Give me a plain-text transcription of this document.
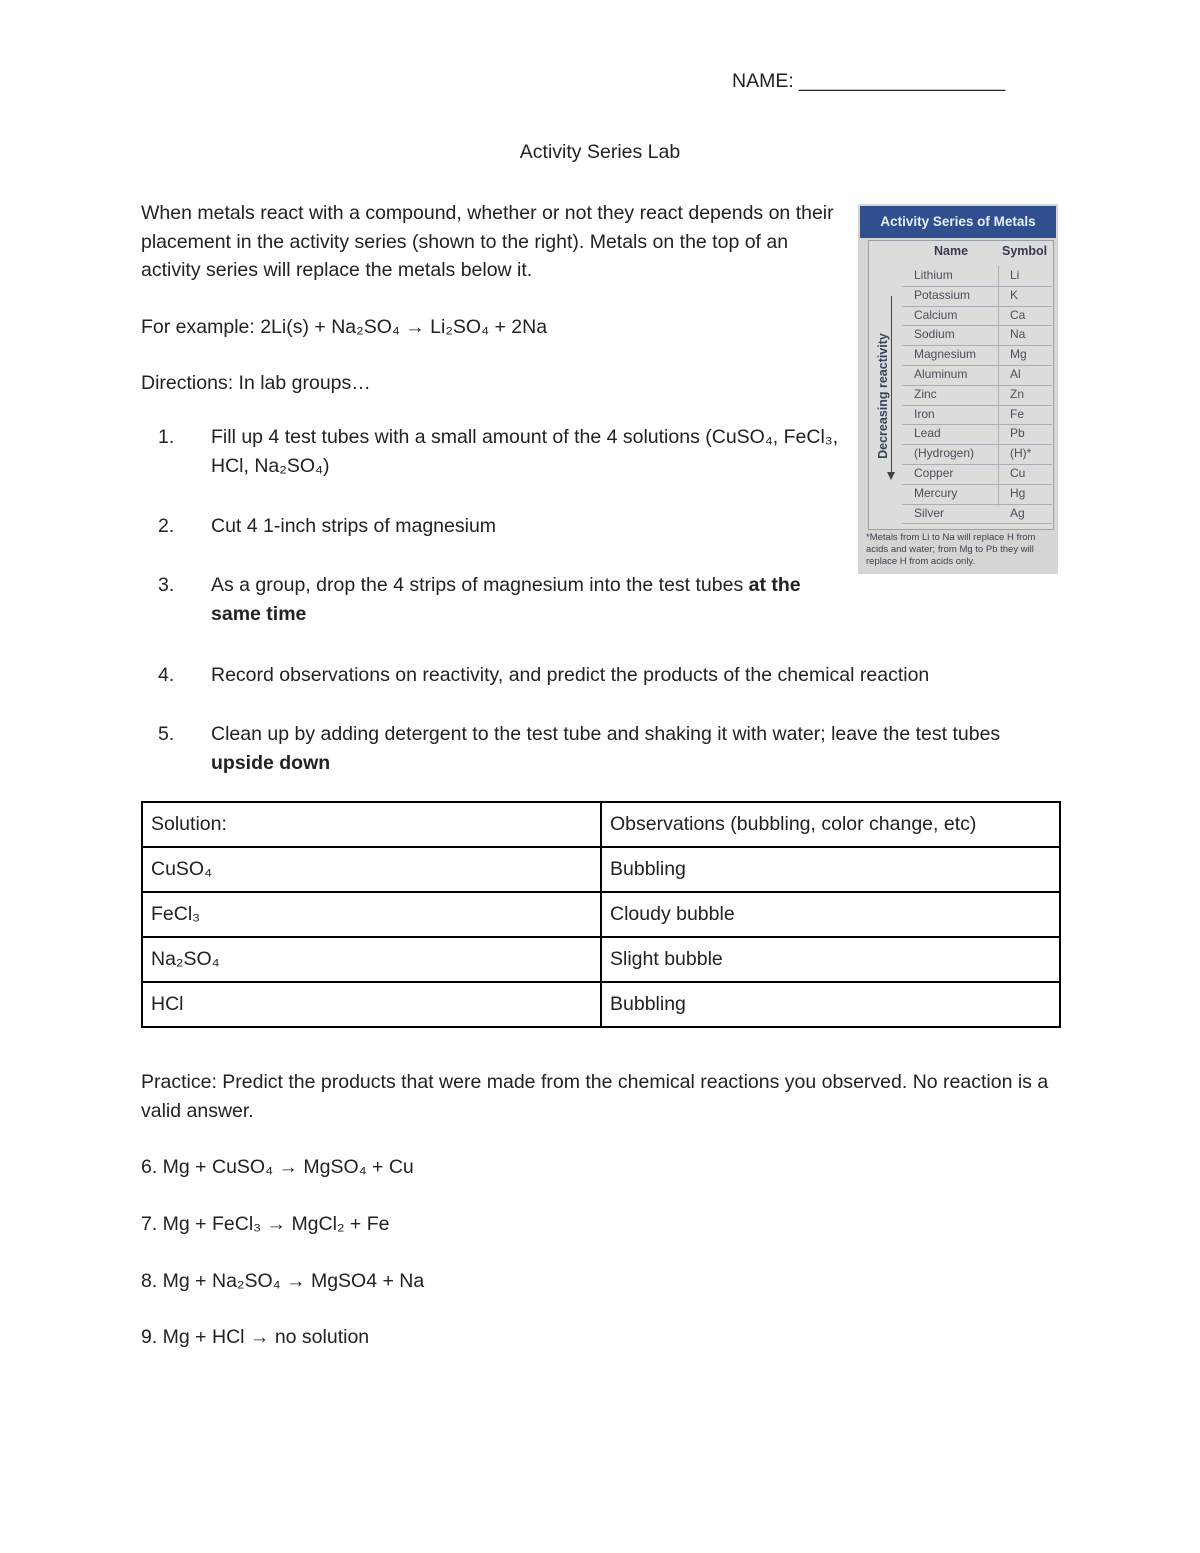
NAME: ___________________
Activity Series Lab
When metals react with a compound, whether or not they react depends on their placement in the activity series (shown to the right). Metals on the top of an activity series will replace the metals below it.
For example: 2Li(s) + Na₂SO₄ → Li₂SO₄ + 2Na
Directions: In lab groups…
1. Fill up 4 test tubes with a small amount of the 4 solutions (CuSO₄, FeCl₃, HCl, Na₂SO₄)
2. Cut 4 1-inch strips of magnesium
3. As a group, drop the 4 strips of magnesium into the test tubes at the same time
4. Record observations on reactivity, and predict the products of the chemical reaction
5. Clean up by adding detergent to the test tube and shaking it with water; leave the test tubes upside down
Activity Series of Metals
Name	Symbol
Decreasing reactivity
Lithium	Li
Potassium	K
Calcium	Ca
Sodium	Na
Magnesium	Mg
Aluminum	Al
Zinc	Zn
Iron	Fe
Lead	Pb
(Hydrogen)	(H)*
Copper	Cu
Mercury	Hg
Silver	Ag
*Metals from Li to Na will replace H from acids and water; from Mg to Pb they will replace H from acids only.
Solution:	Observations (bubbling, color change, etc)
CuSO₄	Bubbling
FeCl₃	Cloudy bubble
Na₂SO₄	Slight bubble
HCl	Bubbling
Practice: Predict the products that were made from the chemical reactions you observed. No reaction is a valid answer.
6. Mg + CuSO₄ → MgSO₄ + Cu
7. Mg + FeCl₃ → MgCl₂ + Fe
8. Mg + Na₂SO₄ → MgSO4 + Na
9. Mg + HCl → no solution
